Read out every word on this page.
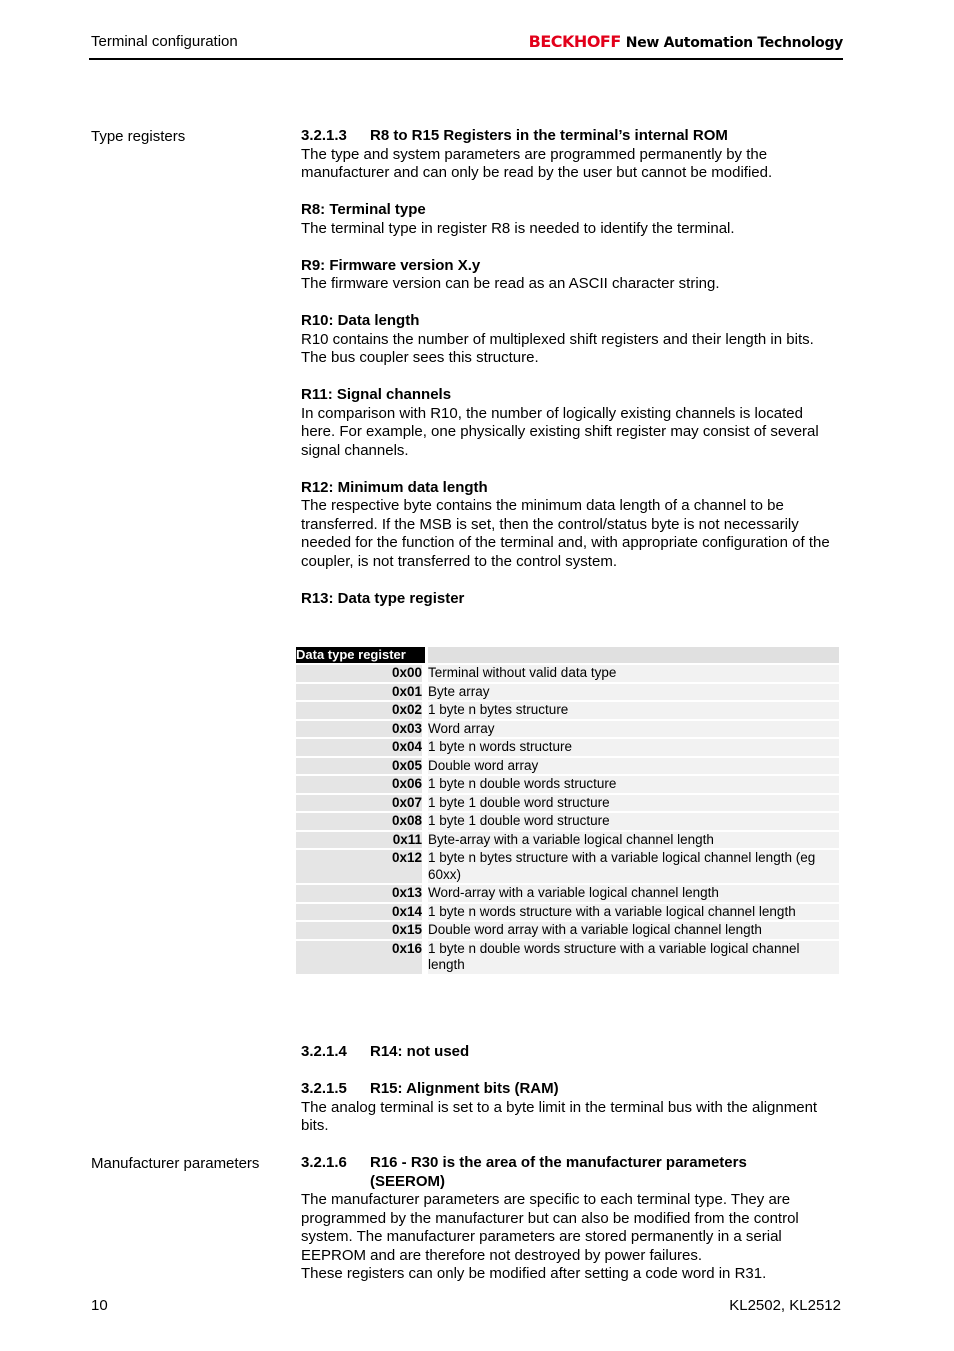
Terminal configuration	BECKHOFF New Automation Technology
Type registers	3.2.1.3	R8 to R15 Registers in the terminal’s internal ROM

The type and system parameters are programmed permanently by the manufacturer and can only be read by the user but cannot be modified.

R8: Terminal type

The terminal type in register R8 is needed to identify the terminal.

R9: Firmware version X.y

The firmware version can be read as an ASCII character string.

R10: Data length

R10 contains the number of multiplexed shift registers and their length in bits.

The bus coupler sees this structure.

R11: Signal channels

In comparison with R10, the number of logically existing channels is located here. For example, one physically existing shift register may consist of several signal channels.

R12: Minimum data length

The respective byte contains the minimum data length of a channel to be transferred. If the MSB is set, then the control/status byte is not necessarily needed for the function of the terminal and, with appropriate configuration of the coupler, is not transferred to the control system.

R13: Data type register

Data type register	
0x00	Terminal without valid data type
0x01	Byte array
0x02	1 byte n bytes structure
0x03	Word array
0x04	1 byte n words structure
0x05	Double word array
0x06	1 byte n double words structure
0x07	1 byte 1 double word structure
0x08	1 byte 1 double word structure
0x11	Byte-array with a variable logical channel length
0x12	1 byte n bytes structure with a variable logical channel length (eg 60xx)
0x13	Word-array with a variable logical channel length
0x14	1 byte n words structure with a variable logical channel length
0x15	Double word array with a variable logical channel length
0x16	1 byte n double words structure with a variable logical channel length
3.2.1.4	R14: not used

3.2.1.5	R15: Alignment bits (RAM)

The analog terminal is set to a byte limit in the terminal bus with the alignment bits.

Manufacturer parameters	3.2.1.6	R16 - R30 is the area of the manufacturer parameters (SEEROM)

The manufacturer parameters are specific to each terminal type. They are programmed by the manufacturer but can also be modified from the control system. The manufacturer parameters are stored permanently in a serial EEPROM and are therefore not destroyed by power failures.

These registers can only be modified after setting a code word in R31.

10	KL2502, KL2512
